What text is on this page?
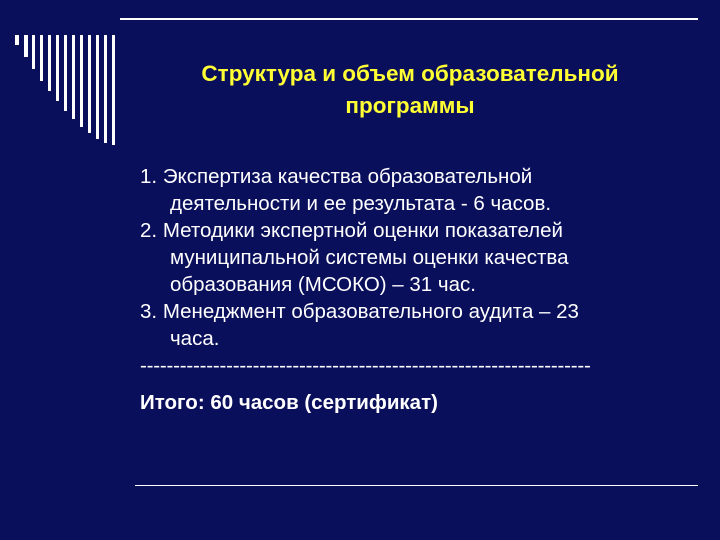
Структура и объем образовательной
программы
1. Экспертиза качества образовательной
деятельности и ее результата - 6 часов.
2. Методики экспертной оценки показателей
муниципальной системы оценки качества
образования (МСОКО) – 31 час.
3. Менеджмент образовательного аудита – 23
часа.
--------------------------------------------------------------------
Итого: 60 часов (сертификат)
